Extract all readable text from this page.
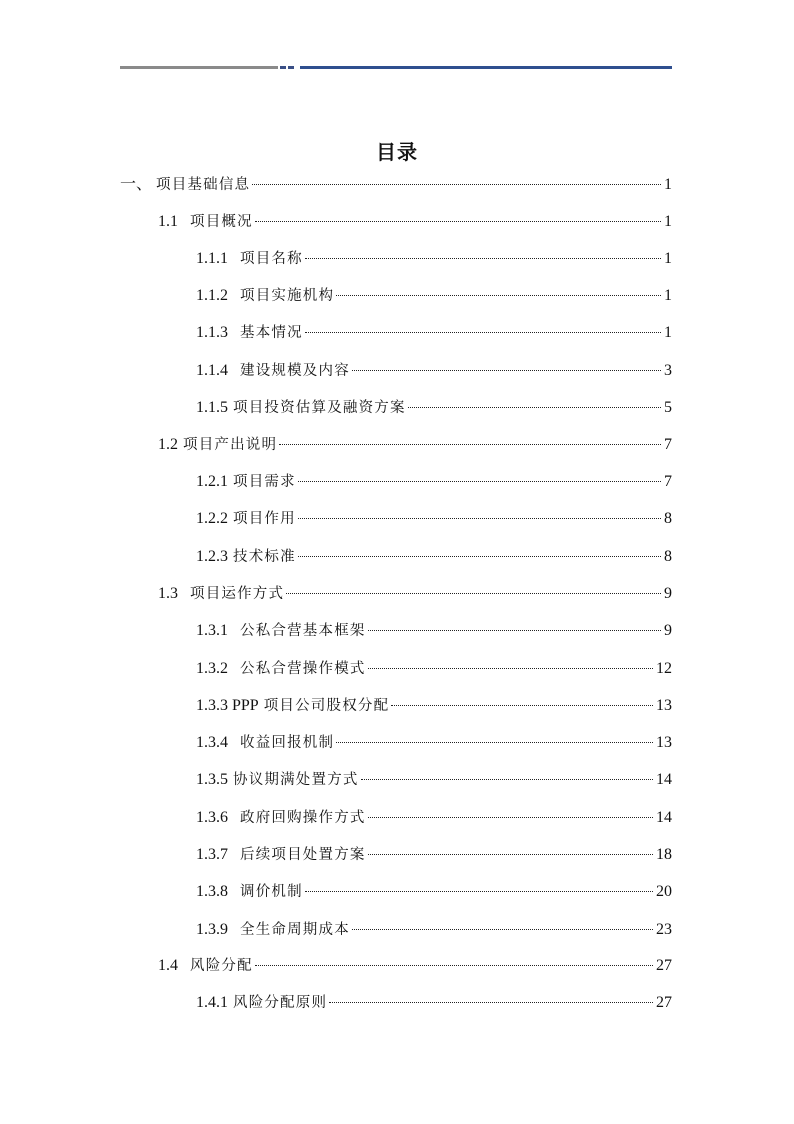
目录
一、 项目基础信息	1
1.1 项目概况	1
1.1.1 项目名称	1
1.1.2 项目实施机构	1
1.1.3 基本情况	1
1.1.4 建设规模及内容	3
1.1.5 项目投资估算及融资方案	5
1.2 项目产出说明	7
1.2.1 项目需求	7
1.2.2 项目作用	8
1.2.3 技术标准	8
1.3 项目运作方式	9
1.3.1 公私合营基本框架	9
1.3.2 公私合营操作模式	12
1.3.3 PPP 项目公司股权分配	13
1.3.4 收益回报机制	13
1.3.5 协议期满处置方式	14
1.3.6 政府回购操作方式	14
1.3.7 后续项目处置方案	18
1.3.8 调价机制	20
1.3.9 全生命周期成本	23
1.4 风险分配	27
1.4.1 风险分配原则	27
